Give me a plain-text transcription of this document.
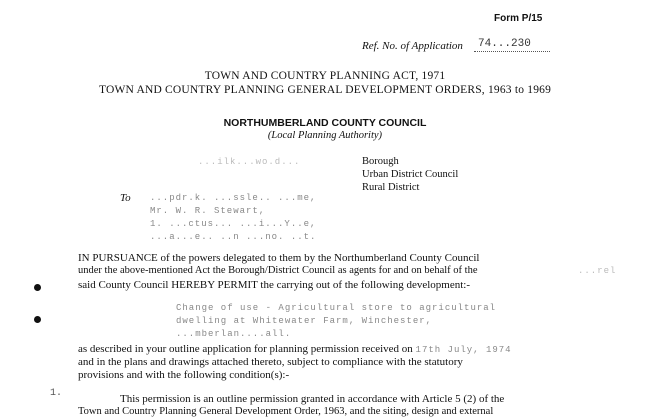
Form P/15
Ref. No. of Application 74...230
TOWN AND COUNTRY PLANNING ACT, 1971
TOWN AND COUNTRY PLANNING GENERAL DEVELOPMENT ORDERS, 1963 to 1969
NORTHUMBERLAND COUNTY COUNCIL
(Local Planning Authority)
...ilk...wo.d...	Borough
Urban District Council
Rural District
To ...pdr.k. ...ssle.. ...me,
Mr. W. R. Stewart,
1. ...ctus... ...i...Y..e,
...a...e.. ..n ...no. ..t.
IN PURSUANCE of the powers delegated to them by the Northumberland County Council
under the above-mentioned Act the Borough/District Council as agents for and on behalf of the	...rel
said County Council HEREBY PERMIT the carrying out of the following development:-
Change of use - Agricultural store to agricultural
dwelling at Whitewater Farm, Winchester,
...mberlan....all.
as described in your outline application for planning permission received on 17th July, 1974
and in the plans and drawings attached thereto, subject to compliance with the statutory
provisions and with the following condition(s):-
1.	This permission is an outline permission granted in accordance with Article 5 (2) of the
Town and Country Planning General Development Order, 1963, and the siting, design and external
